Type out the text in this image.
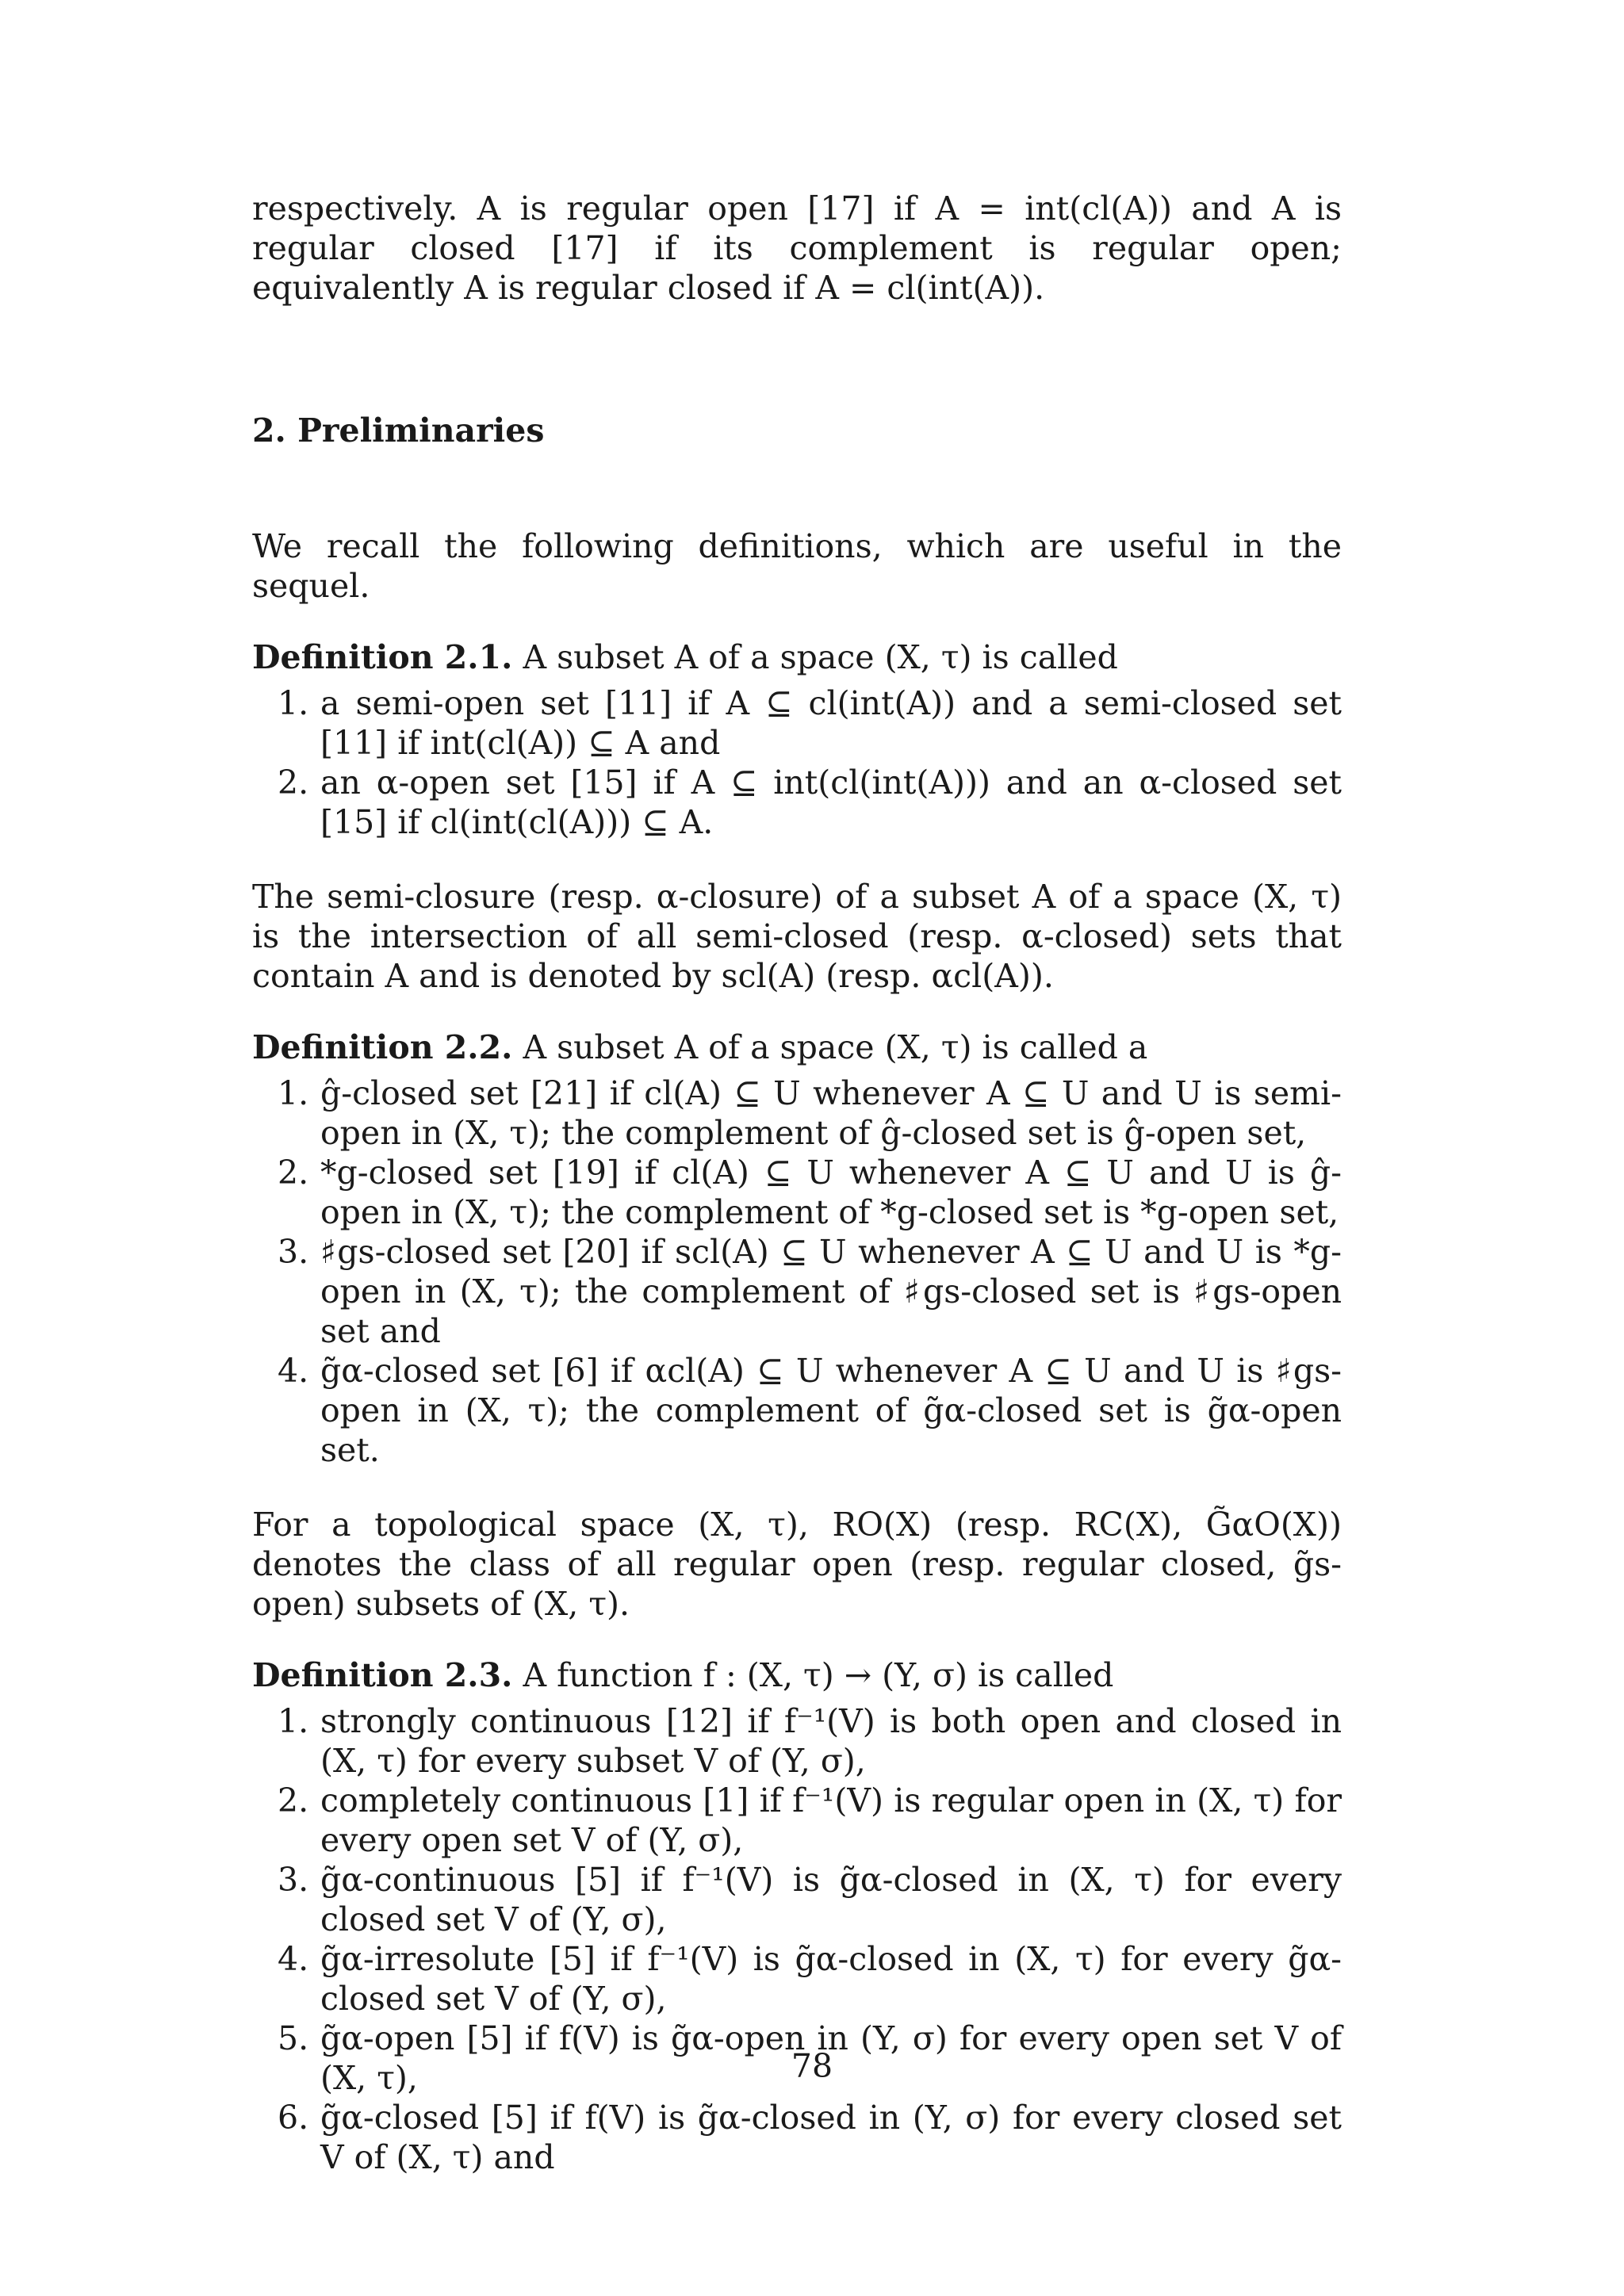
respectively. A is regular open [17] if A = int(cl(A)) and A is regular closed [17] if its complement is regular open; equivalently A is regular closed if A = cl(int(A)).

2. Preliminaries

We recall the following definitions, which are useful in the sequel.

Definition 2.1. A subset A of a space (X, τ) is called

1. a semi-open set [11] if A ⊆ cl(int(A)) and a semi-closed set [11] if int(cl(A)) ⊆ A and
2. an α-open set [15] if A ⊆ int(cl(int(A))) and an α-closed set [15] if cl(int(cl(A))) ⊆ A.

The semi-closure (resp. α-closure) of a subset A of a space (X, τ) is the intersection of all semi-closed (resp. α-closed) sets that contain A and is denoted by scl(A) (resp. αcl(A)).

Definition 2.2. A subset A of a space (X, τ) is called a

1. ĝ-closed set [21] if cl(A) ⊆ U whenever A ⊆ U and U is semi-open in (X, τ); the complement of ĝ-closed set is ĝ-open set,
2. *g-closed set [19] if cl(A) ⊆ U whenever A ⊆ U and U is ĝ-open in (X, τ); the complement of *g-closed set is *g-open set,
3. ♯gs-closed set [20] if scl(A) ⊆ U whenever A ⊆ U and U is *g-open in (X, τ); the complement of ♯gs-closed set is ♯gs-open set and
4. g̃α-closed set [6] if αcl(A) ⊆ U whenever A ⊆ U and U is ♯gs-open in (X, τ); the complement of g̃α-closed set is g̃α-open set.

For a topological space (X, τ), RO(X) (resp. RC(X), G̃αO(X)) denotes the class of all regular open (resp. regular closed, g̃s-open) subsets of (X, τ).

Definition 2.3. A function f : (X, τ) → (Y, σ) is called

1. strongly continuous [12] if f⁻¹(V) is both open and closed in (X, τ) for every subset V of (Y, σ),
2. completely continuous [1] if f⁻¹(V) is regular open in (X, τ) for every open set V of (Y, σ),
3. g̃α-continuous [5] if f⁻¹(V) is g̃α-closed in (X, τ) for every closed set V of (Y, σ),
4. g̃α-irresolute [5] if f⁻¹(V) is g̃α-closed in (X, τ) for every g̃α-closed set V of (Y, σ),
5. g̃α-open [5] if f(V) is g̃α-open in (Y, σ) for every open set V of (X, τ),
6. g̃α-closed [5] if f(V) is g̃α-closed in (Y, σ) for every closed set V of (X, τ) and
78
